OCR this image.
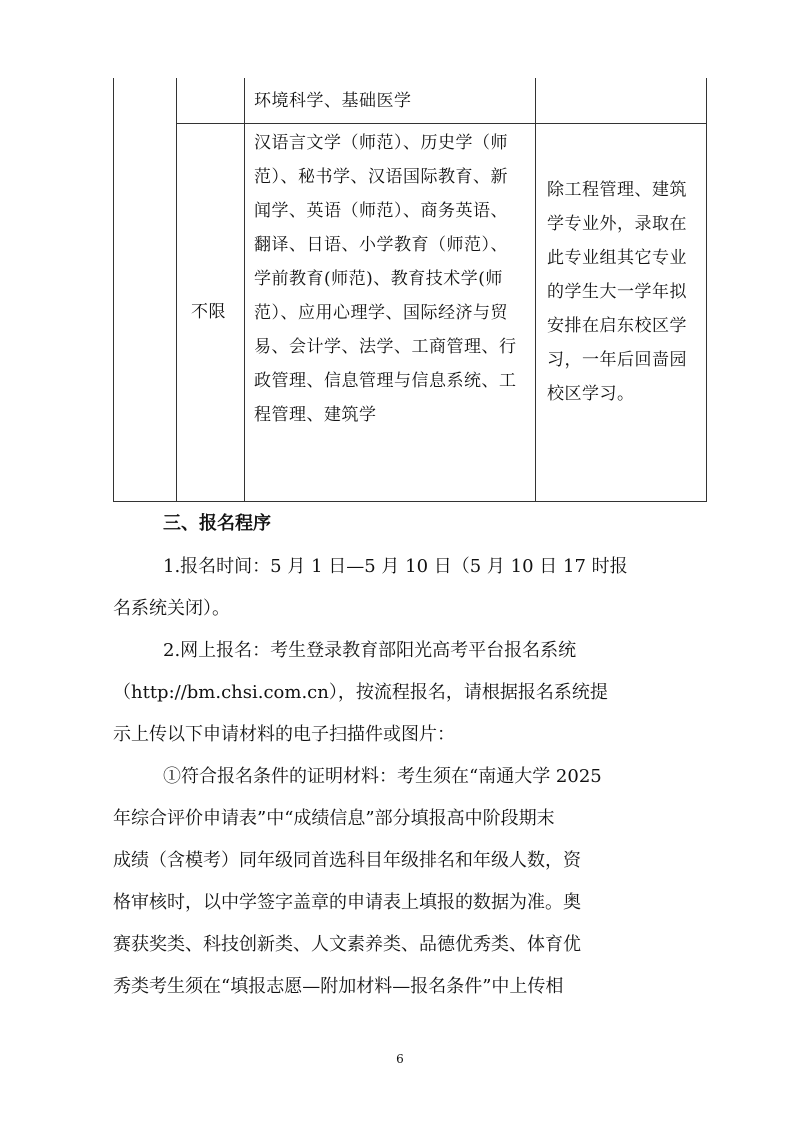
环境科学、基础医学
不限
汉语言文学（师范）、历史学（师
范）、秘书学、汉语国际教育、新
闻学、英语（师范）、商务英语、
翻译、日语、小学教育（师范）、
学前教育(师范)、教育技术学(师
范）、应用心理学、国际经济与贸
易、会计学、法学、工商管理、行
政管理、信息管理与信息系统、工
程管理、建筑学
除工程管理、建筑
学专业外，录取在
此专业组其它专业
的学生大一学年拟
安排在启东校区学
习，一年后回啬园
校区学习。
三、报名程序
1.报名时间：5 月 1 日—5 月 10 日（5 月 10 日 17 时报
名系统关闭）。
2.网上报名：考生登录教育部阳光高考平台报名系统
（http://bm.chsi.com.cn），按流程报名，请根据报名系统提
示上传以下申请材料的电子扫描件或图片：
①符合报名条件的证明材料：考生须在“南通大学 2025
年综合评价申请表”中“成绩信息”部分填报高中阶段期末
成绩（含模考）同年级同首选科目年级排名和年级人数，资
格审核时，以中学签字盖章的申请表上填报的数据为准。奥
赛获奖类、科技创新类、人文素养类、品德优秀类、体育优
秀类考生须在“填报志愿—附加材料—报名条件”中上传相
6
